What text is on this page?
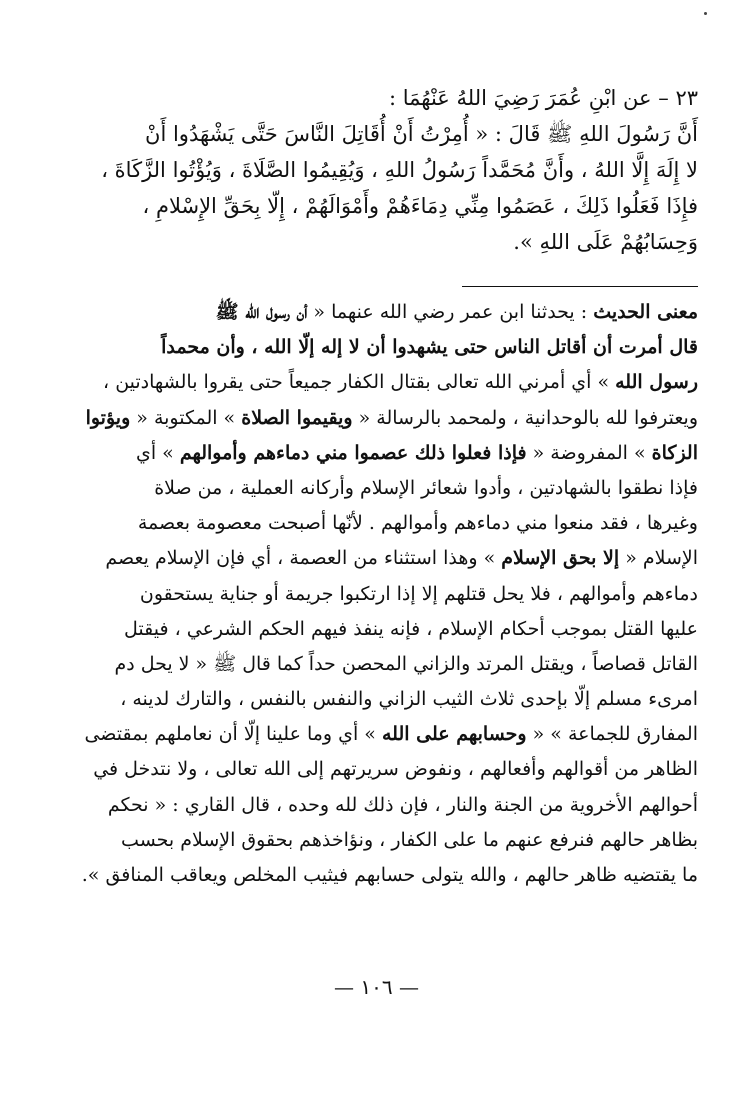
٢٣ – عن ابْنِ عُمَرَ رَضِيَ اللهُ عَنْهُمَا :

أَنَّ رَسُولَ اللهِ ﷺ قَالَ : « أُمِرْتُ أَنْ أُقَاتِلَ النَّاسَ حَتَّى يَشْهَدُوا أَنْ

لا إِلَهَ إِلَّا اللهُ ، وأَنَّ مُحَمَّداً رَسُولُ اللهِ ، وَيُقِيمُوا الصَّلَاةَ ، وَيُؤْتُوا الزَّكَاةَ ،

فإِذَا فَعَلُوا ذَلِكَ ، عَصَمُوا مِنِّي دِمَاءَهُمْ وأَمْوَالَهُمْ ، إِلّا بِحَقِّ الإِسْلامِ ،

وَحِسَابُهُمْ عَلَى اللهِ ».

معنى الحديث : يحدثنا ابن عمر رضي الله عنهما « أن رسول الله ﷺ

قال أمرت أن أقاتل الناس حتى يشهدوا أن لا إله إلّا الله ، وأن محمداً

رسول الله » أي أمرني الله تعالى بقتال الكفار جميعاً حتى يقروا بالشهادتين ،

ويعترفوا لله بالوحدانية ، ولمحمد بالرسالة « ويقيموا الصلاة » المكتوبة « ويؤتوا

الزكاة » المفروضة « فإذا فعلوا ذلك عصموا مني دماءهم وأموالهم » أي

فإذا نطقوا بالشهادتين ، وأدوا شعائر الإسلام وأركانه العملية ، من صلاة

وغيرها ، فقد منعوا مني دماءهم وأموالهم . لأنّها أصبحت معصومة بعصمة

الإسلام « إلا بحق الإسلام » وهذا استثناء من العصمة ، أي فإن الإسلام يعصم

دماءهم وأموالهم ، فلا يحل قتلهم إلا إذا ارتكبوا جريمة أو جناية يستحقون

عليها القتل بموجب أحكام الإسلام ، فإنه ينفذ فيهم الحكم الشرعي ، فيقتل

القاتل قصاصاً ، ويقتل المرتد والزاني المحصن حداً كما قال ﷺ « لا يحل دم

امرىء مسلم إلّا بإحدى ثلاث الثيب الزاني والنفس بالنفس ، والتارك لدينه ،

المفارق للجماعة » « وحسابهم على الله » أي وما علينا إلّا أن نعاملهم بمقتضى

الظاهر من أقوالهم وأفعالهم ، ونفوض سريرتهم إلى الله تعالى ، ولا نتدخل في

أحوالهم الأخروية من الجنة والنار ، فإن ذلك لله وحده ، قال القاري : « نحكم

بظاهر حالهم فنرفع عنهم ما على الكفار ، ونؤاخذهم بحقوق الإسلام بحسب

ما يقتضيه ظاهر حالهم ، والله يتولى حسابهم فيثيب المخلص ويعاقب المنافق ».

— ١٠٦ —
